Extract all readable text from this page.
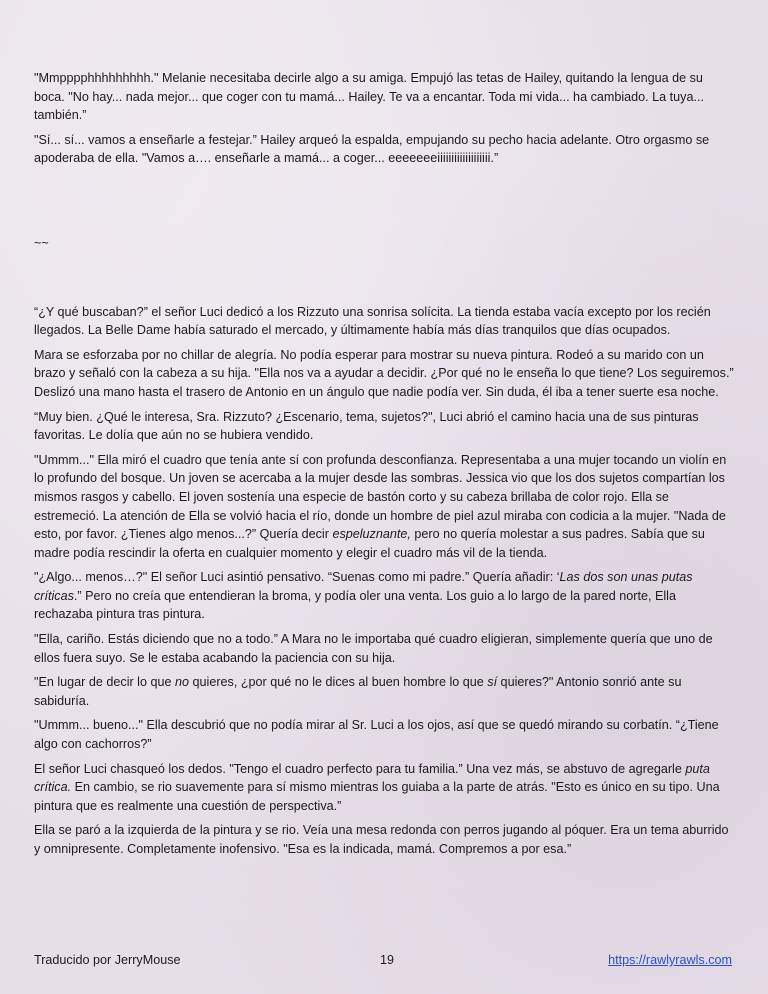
"Mmpppphhhhhhhhh." Melanie necesitaba decirle algo a su amiga. Empujó las tetas de Hailey, quitando la lengua de su boca. "No hay... nada mejor... que coger con tu mamá... Hailey. Te va a encantar. Toda mi vida... ha cambiado. La tuya... también.”

"Sí... sí... vamos a enseñarle a festejar.” Hailey arqueó la espalda, empujando su pecho hacia adelante. Otro orgasmo se apoderaba de ella. "Vamos a…. enseñarle a mamá... a coger... eeeeeeeiiiiiiiiiiiiiiiiiii.”

~~

“¿Y qué buscaban?” el señor Luci dedicó a los Rizzuto una sonrisa solícita. La tienda estaba vacía excepto por los recién llegados. La Belle Dame había saturado el mercado, y últimamente había más días tranquilos que días ocupados.

Mara se esforzaba por no chillar de alegría. No podía esperar para mostrar su nueva pintura. Rodeó a su marido con un brazo y señaló con la cabeza a su hija. "Ella nos va a ayudar a decidir. ¿Por qué no le enseña lo que tiene? Los seguiremos.” Deslizó una mano hasta el trasero de Antonio en un ángulo que nadie podía ver. Sin duda, él iba a tener suerte esa noche.

“Muy bien. ¿Qué le interesa, Sra. Rizzuto? ¿Escenario, tema, sujetos?", Luci abrió el camino hacia una de sus pinturas favoritas. Le dolía que aún no se hubiera vendido.

"Ummm..." Ella miró el cuadro que tenía ante sí con profunda desconfianza. Representaba a una mujer tocando un violín en lo profundo del bosque. Un joven se acercaba a la mujer desde las sombras. Jessica vio que los dos sujetos compartían los mismos rasgos y cabello. El joven sostenía una especie de bastón corto y su cabeza brillaba de color rojo. Ella se estremeció. La atención de Ella se volvió hacia el río, donde un hombre de piel azul miraba con codicia a la mujer. "Nada de esto, por favor. ¿Tienes algo menos...?” Quería decir espeluznante, pero no quería molestar a sus padres. Sabía que su madre podía rescindir la oferta en cualquier momento y elegir el cuadro más vil de la tienda.

"¿Algo... menos…?" El señor Luci asintió pensativo. “Suenas como mi padre.” Quería añadir: ‘Las dos son unas putas críticas.” Pero no creía que entendieran la broma, y podía oler una venta. Los guio a lo largo de la pared norte, Ella rechazaba pintura tras pintura.

"Ella, cariño. Estás diciendo que no a todo.” A Mara no le importaba qué cuadro eligieran, simplemente quería que uno de ellos fuera suyo. Se le estaba acabando la paciencia con su hija.

"En lugar de decir lo que no quieres, ¿por qué no le dices al buen hombre lo que sí quieres?" Antonio sonrió ante su sabiduría.

"Ummm... bueno..." Ella descubrió que no podía mirar al Sr. Luci a los ojos, así que se quedó mirando su corbatín. “¿Tiene algo con cachorros?”

El señor Luci chasqueó los dedos. "Tengo el cuadro perfecto para tu familia.” Una vez más, se abstuvo de agregarle puta crítica. En cambio, se rio suavemente para sí mismo mientras los guiaba a la parte de atrás. "Esto es único en su tipo. Una pintura que es realmente una cuestión de perspectiva.”

Ella se paró a la izquierda de la pintura y se rio. Veía una mesa redonda con perros jugando al póquer. Era un tema aburrido y omnipresente. Completamente inofensivo. "Esa es la indicada, mamá. Compremos a por esa.”

Traducido por JerryMouse	19	https://rawlyrawls.com
